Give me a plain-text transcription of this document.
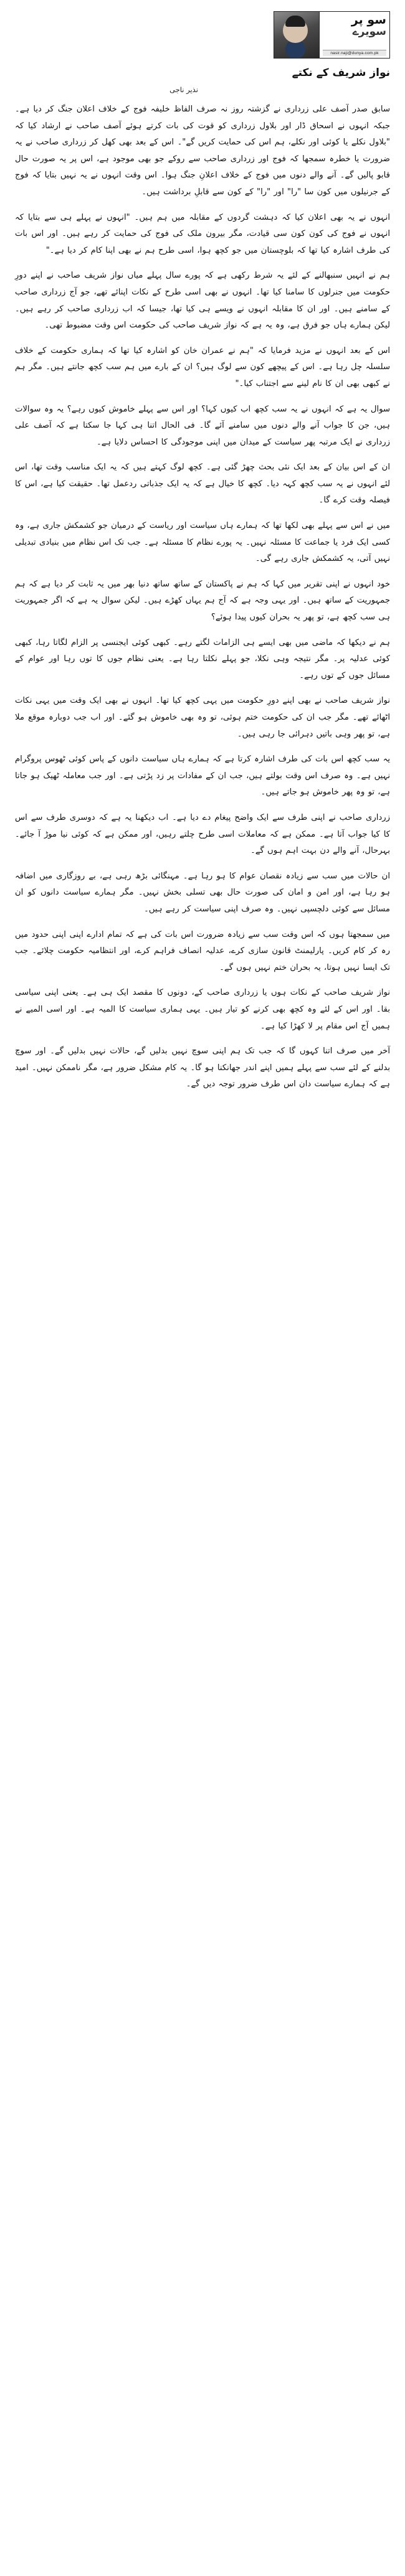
سو پر
سویرے
nasir.naji@dunya.com.pk
نواز شریف کے نکتے
نذیر ناجی

سابق صدر آصف علی زرداری نے گزشتہ روز نہ صرف الفاظ خلیفہ فوج کے خلاف اعلان جنگ کر دیا ہے۔ جبکہ انہوں نے اسحاق ڈار اور بلاول زرداری کو قوت کی بات کرتے ہوئے آصف صاحب نے ارشاد کیا کہ "بلاول نکلے یا کوئی اور نکلے، ہم اس کی حمایت کریں گے"۔ اس کے بعد بھی کھل کر زرداری صاحب نے یہ ضرورت یا خطرہ سمجھا کہ فوج اور زرداری صاحب سے روکے جو بھی موجود ہے، اس پر یہ صورت حال قابو پالیں گے۔ آنے والے دنوں میں فوج کے خلاف اعلانِ جنگ ہوا۔ اس وقت انہوں نے یہ نہیں بتایا کہ فوج کے جرنیلوں میں کون سا "را" اور "را" کے کون سے قابلِ برداشت ہیں۔

انہوں نے یہ بھی اعلان کیا کہ دہشت گردوں کے مقابلہ میں ہم ہیں۔ "انہوں نے پہلے ہی سے بتایا کہ انہوں نے فوج کی کون کون سی قیادت، مگر بیرون ملک کی فوج کی حمایت کر رہے ہیں۔ اور اس بات کی طرف اشارہ کیا تھا کہ بلوچستان میں جو کچھ ہوا، اسی طرح ہم نے بھی اپنا کام کر دیا ہے۔"

ہم نے انہیں سنبھالنے کے لئے یہ شرط رکھی ہے کہ پورے سال پہلے میاں نواز شریف صاحب نے اپنے دورِ حکومت میں جنرلوں کا سامنا کیا تھا۔ انہوں نے بھی اسی طرح کے نکات اپنائے تھے، جو آج زرداری صاحب کے سامنے ہیں۔ اور ان کا مقابلہ انہوں نے ویسے ہی کیا تھا، جیسا کہ اب زرداری صاحب کر رہے ہیں۔ لیکن ہمارے ہاں جو فرق ہے، وہ یہ ہے کہ نواز شریف صاحب کی حکومت اس وقت مضبوط تھی۔

اس کے بعد انہوں نے مزید فرمایا کہ "ہم نے عمران خان کو اشارہ کیا تھا کہ ہماری حکومت کے خلاف سلسلہ چل رہا ہے۔ اس کے پیچھے کون سے لوگ ہیں؟ ان کے بارے میں ہم سب کچھ جانتے ہیں۔ مگر ہم نے کبھی بھی ان کا نام لینے سے اجتناب کیا۔"

سوال یہ ہے کہ انہوں نے یہ سب کچھ اب کیوں کہا؟ اور اس سے پہلے خاموش کیوں رہے؟ یہ وہ سوالات ہیں، جن کا جواب آنے والے دنوں میں سامنے آئے گا۔ فی الحال اتنا ہی کہا جا سکتا ہے کہ آصف علی زرداری نے ایک مرتبہ پھر سیاست کے میدان میں اپنی موجودگی کا احساس دلایا ہے۔

ان کے اس بیان کے بعد ایک نئی بحث چھڑ گئی ہے۔ کچھ لوگ کہتے ہیں کہ یہ ایک مناسب وقت تھا، اس لئے انہوں نے یہ سب کچھ کہہ دیا۔ کچھ کا خیال ہے کہ یہ ایک جذباتی ردعمل تھا۔ حقیقت کیا ہے، اس کا فیصلہ وقت کرے گا۔

میں نے اس سے پہلے بھی لکھا تھا کہ ہمارے ہاں سیاست اور ریاست کے درمیان جو کشمکش جاری ہے، وہ کسی ایک فرد یا جماعت کا مسئلہ نہیں۔ یہ پورے نظام کا مسئلہ ہے۔ جب تک اس نظام میں بنیادی تبدیلی نہیں آتی، یہ کشمکش جاری رہے گی۔

خود انہوں نے اپنی تقریر میں کہا کہ ہم نے پاکستان کے ساتھ ساتھ دنیا بھر میں یہ ثابت کر دیا ہے کہ ہم جمہوریت کے ساتھ ہیں۔ اور یہی وجہ ہے کہ آج ہم یہاں کھڑے ہیں۔ لیکن سوال یہ ہے کہ اگر جمہوریت ہی سب کچھ ہے، تو پھر یہ بحران کیوں پیدا ہوئے؟

ہم نے دیکھا کہ ماضی میں بھی ایسے ہی الزامات لگتے رہے۔ کبھی کوئی ایجنسی پر الزام لگاتا رہا، کبھی کوئی عدلیہ پر۔ مگر نتیجہ وہی نکلا، جو پہلے نکلتا رہا ہے۔ یعنی نظام جوں کا توں رہا اور عوام کے مسائل جوں کے توں رہے۔

نواز شریف صاحب نے بھی اپنے دورِ حکومت میں یہی کچھ کیا تھا۔ انہوں نے بھی ایک وقت میں یہی نکات اٹھائے تھے۔ مگر جب ان کی حکومت ختم ہوئی، تو وہ بھی خاموش ہو گئے۔ اور اب جب دوبارہ موقع ملا ہے، تو پھر وہی باتیں دہرائی جا رہی ہیں۔

یہ سب کچھ اس بات کی طرف اشارہ کرتا ہے کہ ہمارے ہاں سیاست دانوں کے پاس کوئی ٹھوس پروگرام نہیں ہے۔ وہ صرف اس وقت بولتے ہیں، جب ان کے مفادات پر زد پڑتی ہے۔ اور جب معاملہ ٹھیک ہو جاتا ہے، تو وہ پھر خاموش ہو جاتے ہیں۔

زرداری صاحب نے اپنی طرف سے ایک واضح پیغام دے دیا ہے۔ اب دیکھنا یہ ہے کہ دوسری طرف سے اس کا کیا جواب آتا ہے۔ ممکن ہے کہ معاملات اسی طرح چلتے رہیں، اور ممکن ہے کہ کوئی نیا موڑ آ جائے۔ بہرحال، آنے والے دن بہت اہم ہوں گے۔

ان حالات میں سب سے زیادہ نقصان عوام کا ہو رہا ہے۔ مہنگائی بڑھ رہی ہے، بے روزگاری میں اضافہ ہو رہا ہے، اور امن و امان کی صورت حال بھی تسلی بخش نہیں۔ مگر ہمارے سیاست دانوں کو ان مسائل سے کوئی دلچسپی نہیں۔ وہ صرف اپنی سیاست کر رہے ہیں۔

میں سمجھتا ہوں کہ اس وقت سب سے زیادہ ضرورت اس بات کی ہے کہ تمام ادارے اپنی اپنی حدود میں رہ کر کام کریں۔ پارلیمنٹ قانون سازی کرے، عدلیہ انصاف فراہم کرے، اور انتظامیہ حکومت چلائے۔ جب تک ایسا نہیں ہوتا، یہ بحران ختم نہیں ہوں گے۔

نواز شریف صاحب کے نکات ہوں یا زرداری صاحب کے، دونوں کا مقصد ایک ہی ہے۔ یعنی اپنی سیاسی بقا۔ اور اس کے لئے وہ کچھ بھی کرنے کو تیار ہیں۔ یہی ہماری سیاست کا المیہ ہے۔ اور اسی المیے نے ہمیں آج اس مقام پر لا کھڑا کیا ہے۔

آخر میں صرف اتنا کہوں گا کہ جب تک ہم اپنی سوچ نہیں بدلیں گے، حالات نہیں بدلیں گے۔ اور سوچ بدلنے کے لئے سب سے پہلے ہمیں اپنے اندر جھانکنا ہو گا۔ یہ کام مشکل ضرور ہے، مگر ناممکن نہیں۔ امید ہے کہ ہمارے سیاست دان اس طرف ضرور توجہ دیں گے۔
